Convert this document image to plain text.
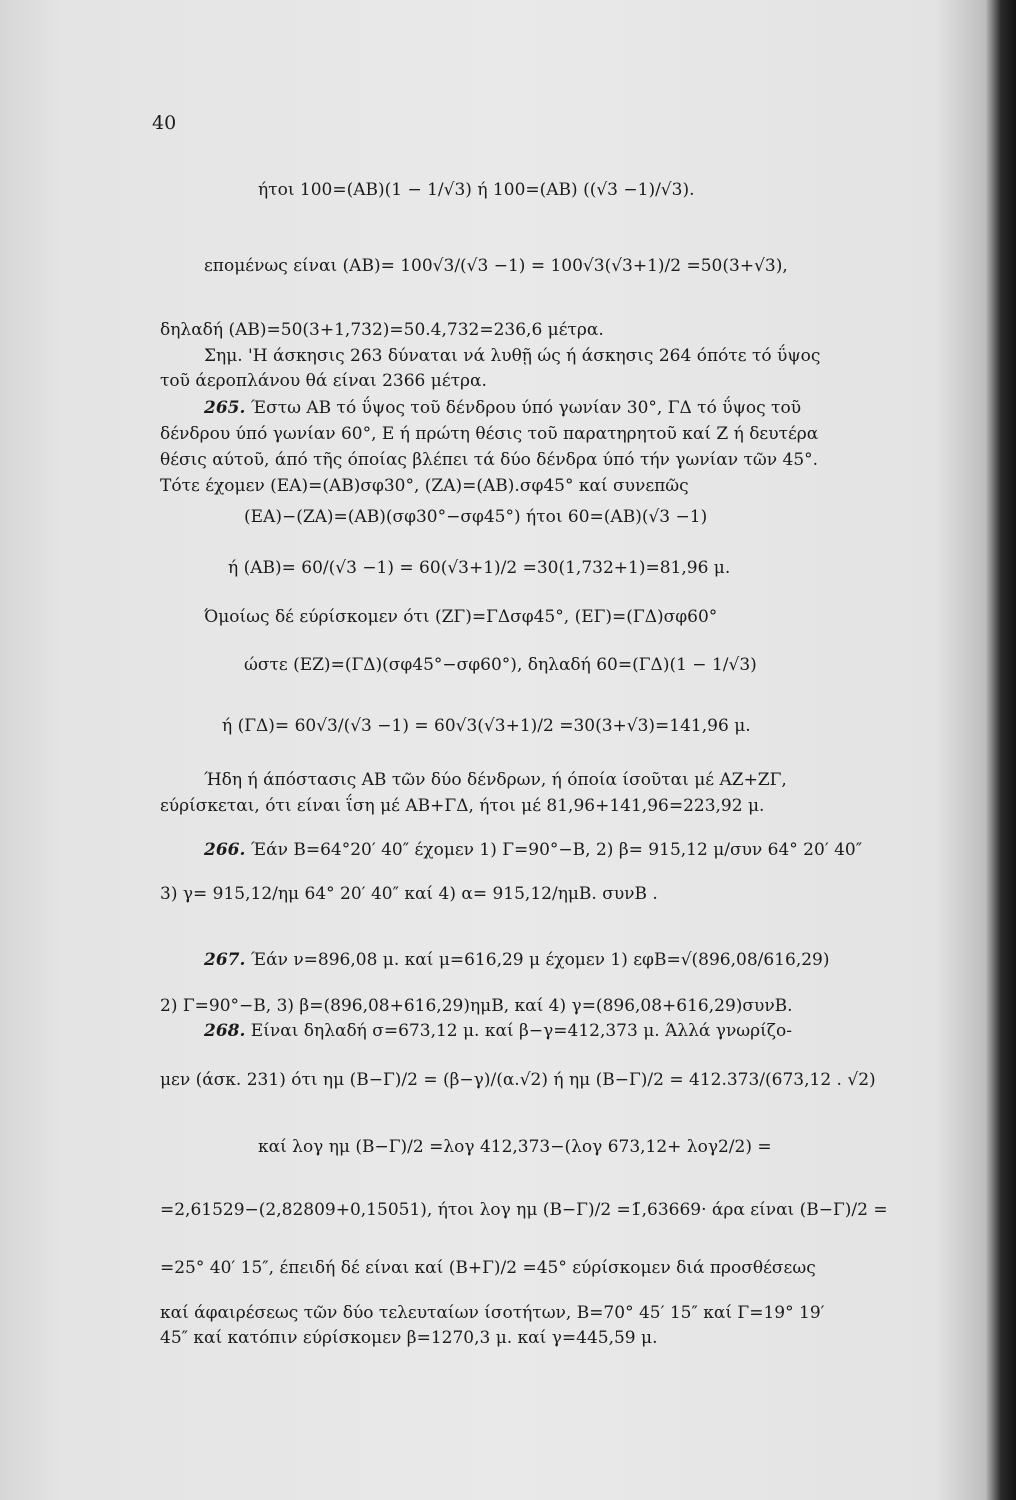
40
ήτοι 100=(ΑΒ)(1 − 1/√3) ή 100=(ΑΒ) ((√3 −1)/√3).
επομένως είναι (ΑΒ)= 100√3/(√3 −1) = 100√3(√3+1)/2 =50(3+√3),
δηλαδή (ΑΒ)=50(3+1,732)=50.4,732=236,6 μέτρα.
Σημ. 'Η άσκησις 263 δύναται νά λυθῇ ώς ή άσκησις 264 όπότε τό ΰψος
τοῦ άεροπλάνου θά είναι 2366 μέτρα.
265. Έστω ΑΒ τό ΰψος τοῦ δένδρου ύπό γωνίαν 30°, ΓΔ τό ΰψος τοῦ
δένδρου ύπό γωνίαν 60°, Ε ή πρώτη θέσις τοῦ παρατηρητοῦ καί Ζ ή δευτέρα
θέσις αύτοῦ, άπό τῆς όποίας βλέπει τά δύο δένδρα ύπό τήν γωνίαν τῶν 45°.
Τότε έχομεν (ΕΑ)=(ΑΒ)σφ30°, (ΖΑ)=(ΑΒ).σφ45° καί συνεπῶς
(ΕΑ)−(ΖΑ)=(ΑΒ)(σφ30°−σφ45°) ήτοι 60=(ΑΒ)(√3 −1)
ή (ΑΒ)= 60/(√3 −1) = 60(√3+1)/2 =30(1,732+1)=81,96 μ.
Όμοίως δέ εύρίσκομεν ότι (ΖΓ)=ΓΔσφ45°, (ΕΓ)=(ΓΔ)σφ60°
ώστε (ΕΖ)=(ΓΔ)(σφ45°−σφ60°), δηλαδή 60=(ΓΔ)(1 − 1/√3)
ή (ΓΔ)= 60√3/(√3 −1) = 60√3(√3+1)/2 =30(3+√3)=141,96 μ.
Ήδη ή άπόστασις ΑΒ τῶν δύο δένδρων, ή όποία ίσοῦται μέ ΑΖ+ΖΓ,
εύρίσκεται, ότι είναι ΐση μέ ΑΒ+ΓΔ, ήτοι μέ 81,96+141,96=223,92 μ.
266. Έάν Β=64°20′ 40″ έχομεν 1) Γ=90°−Β, 2) β= 915,12 μ/συν 64° 20′ 40″
3) γ= 915,12/ημ 64° 20′ 40″ καί 4) α= 915,12/ημΒ. συνΒ .
267. Έάν ν=896,08 μ. καί μ=616,29 μ έχομεν 1) εφΒ=√(896,08/616,29)
2) Γ=90°−Β, 3) β=(896,08+616,29)ημΒ, καί 4) γ=(896,08+616,29)συνΒ.
268. Είναι δηλαδή σ=673,12 μ. καί β−γ=412,373 μ. Άλλά γνωρίζο-
μεν (άσκ. 231) ότι ημ (Β−Γ)/2 = (β−γ)/(α.√2) ή ημ (Β−Γ)/2 = 412.373/(673,12 . √2)
καί λογ ημ (Β−Γ)/2 =λογ 412,373−(λογ 673,12+ λογ2/2) =
=2,61529−(2,82809+0,15051), ήτοι λογ ημ (Β−Γ)/2 =1̄,63669· άρα είναι (Β−Γ)/2 =
=25° 40′ 15″, έπειδή δέ είναι καί (Β+Γ)/2 =45° εύρίσκομεν διά προσθέσεως
καί άφαιρέσεως τῶν δύο τελευταίων ίσοτήτων, Β=70° 45′ 15″ καί Γ=19° 19′
45″ καί κατόπιν εύρίσκομεν β=1270,3 μ. καί γ=445,59 μ.
